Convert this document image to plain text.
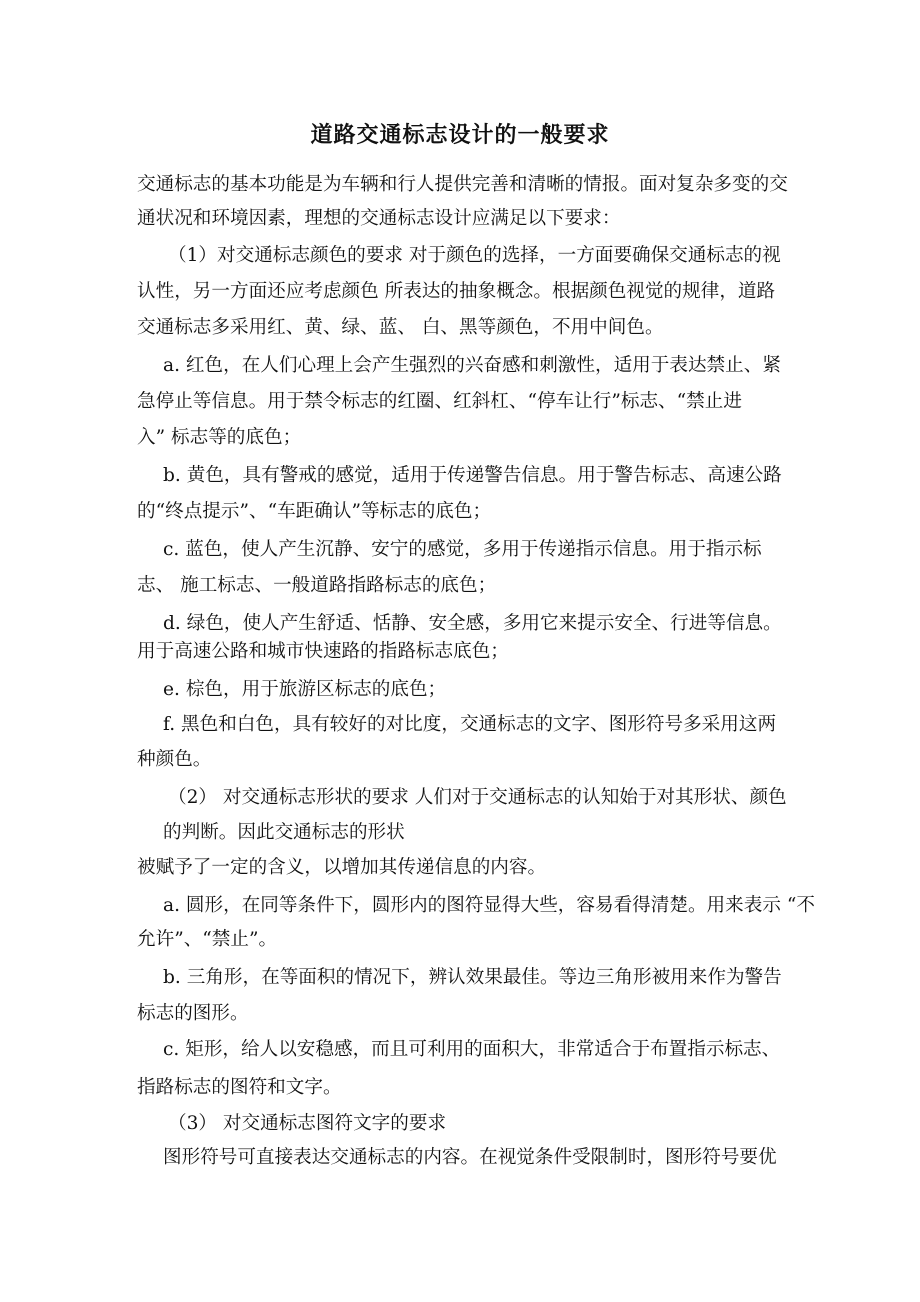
道路交通标志设计的一般要求
交通标志的基本功能是为车辆和行人提供完善和清晰的情报。面对复杂多变的交
通状况和环境因素，理想的交通标志设计应满足以下要求：
（1）对交通标志颜色的要求 对于颜色的选择，一方面要确保交通标志的视
认性，另一方面还应考虑颜色 所表达的抽象概念。根据颜色视觉的规律，道路
交通标志多采用红、黄、绿、蓝、 白、黑等颜色，不用中间色。
a. 红色，在人们心理上会产生强烈的兴奋感和刺激性，适用于表达禁止、紧
急停止等信息。用于禁令标志的红圈、红斜杠、“停车让行”标志、“禁止进
入” 标志等的底色；
b. 黄色，具有警戒的感觉，适用于传递警告信息。用于警告标志、高速公路
的“终点提示”、“车距确认”等标志的底色；
c. 蓝色，使人产生沉静、安宁的感觉，多用于传递指示信息。用于指示标
志、 施工标志、一般道路指路标志的底色；
d. 绿色，使人产生舒适、恬静、安全感，多用它来提示安全、行进等信息。
用于高速公路和城市快速路的指路标志底色；
e. 棕色，用于旅游区标志的底色；
f. 黑色和白色，具有较好的对比度，交通标志的文字、图形符号多采用这两
种颜色。
（2） 对交通标志形状的要求 人们对于交通标志的认知始于对其形状、颜色
的判断。因此交通标志的形状
被赋予了一定的含义，以增加其传递信息的内容。
a. 圆形，在同等条件下，圆形内的图符显得大些，容易看得清楚。用来表示 “不
允许”、“禁止”。
b. 三角形，在等面积的情况下，辨认效果最佳。等边三角形被用来作为警告
标志的图形。
c. 矩形，给人以安稳感，而且可利用的面积大，非常适合于布置指示标志、
指路标志的图符和文字。
（3） 对交通标志图符文字的要求
图形符号可直接表达交通标志的内容。在视觉条件受限制时，图形符号要优
